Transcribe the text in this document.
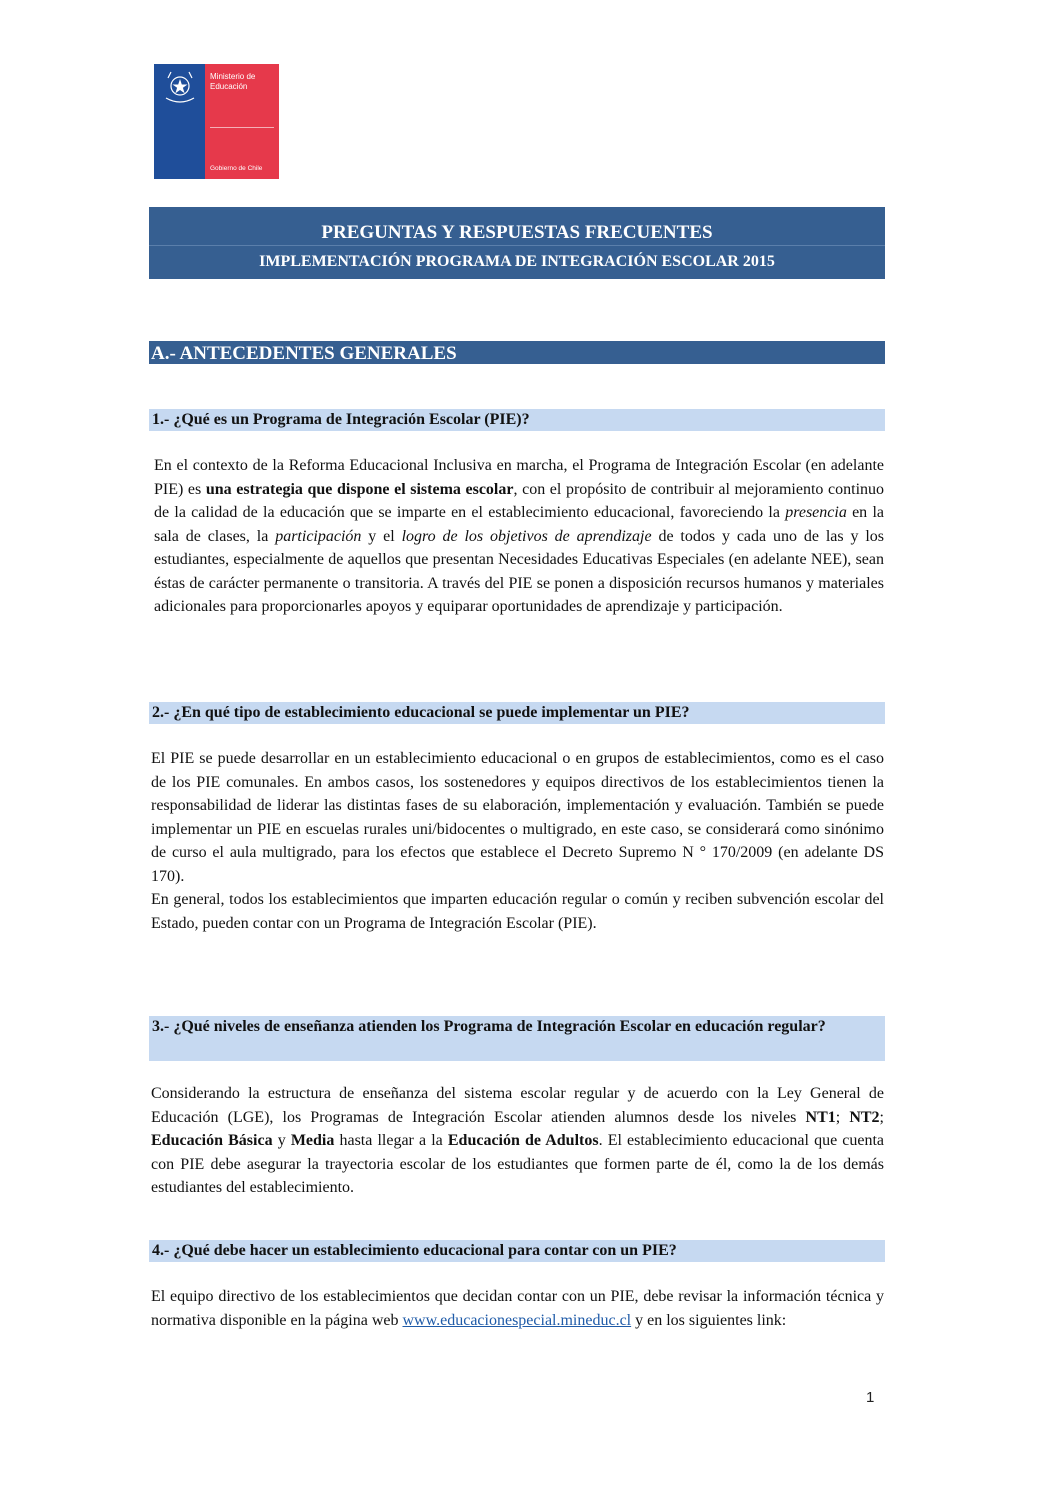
Ministerio de Educación
Gobierno de Chile
PREGUNTAS Y RESPUESTAS FRECUENTES
IMPLEMENTACIÓN PROGRAMA DE INTEGRACIÓN ESCOLAR 2015
A.- ANTECEDENTES GENERALES
1.- ¿Qué es un Programa de Integración Escolar (PIE)?

En el contexto de la Reforma Educacional Inclusiva en marcha, el Programa de Integración Escolar (en adelante PIE) es una estrategia que dispone el sistema escolar, con el propósito de contribuir al mejoramiento continuo de la calidad de la educación que se imparte en el establecimiento educacional, favoreciendo la presencia en la sala de clases, la participación y el logro de los objetivos de aprendizaje de todos y cada uno de las y los estudiantes, especialmente de aquellos que presentan Necesidades Educativas Especiales (en adelante NEE), sean éstas de carácter permanente o transitoria. A través del PIE se ponen a disposición recursos humanos y materiales adicionales para proporcionarles apoyos y equiparar oportunidades de aprendizaje y participación.

2.- ¿En qué tipo de establecimiento educacional se puede implementar un PIE?

El PIE se puede desarrollar en un establecimiento educacional o en grupos de establecimientos, como es el caso de los PIE comunales. En ambos casos, los sostenedores y equipos directivos de los establecimientos tienen la responsabilidad de liderar las distintas fases de su elaboración, implementación y evaluación. También se puede implementar un PIE en escuelas rurales uni/bidocentes o multigrado, en este caso, se considerará como sinónimo de curso el aula multigrado, para los efectos que establece el Decreto Supremo N ° 170/2009 (en adelante DS 170).
En general, todos los establecimientos que imparten educación regular o común y reciben subvención escolar del Estado, pueden contar con un Programa de Integración Escolar (PIE).

3.- ¿Qué niveles de enseñanza atienden los Programa de Integración Escolar en educación regular?

Considerando la estructura de enseñanza del sistema escolar regular y de acuerdo con la Ley General de Educación (LGE), los Programas de Integración Escolar atienden alumnos desde los niveles NT1; NT2; Educación Básica y Media hasta llegar a la Educación de Adultos. El establecimiento educacional que cuenta con PIE debe asegurar la trayectoria escolar de los estudiantes que formen parte de él, como la de los demás estudiantes del establecimiento.

4.- ¿Qué debe hacer un establecimiento educacional para contar con un PIE?

El equipo directivo de los establecimientos que decidan contar con un PIE, debe revisar la información técnica y normativa disponible en la página web www.educacionespecial.mineduc.cl y en los siguientes link:

1
